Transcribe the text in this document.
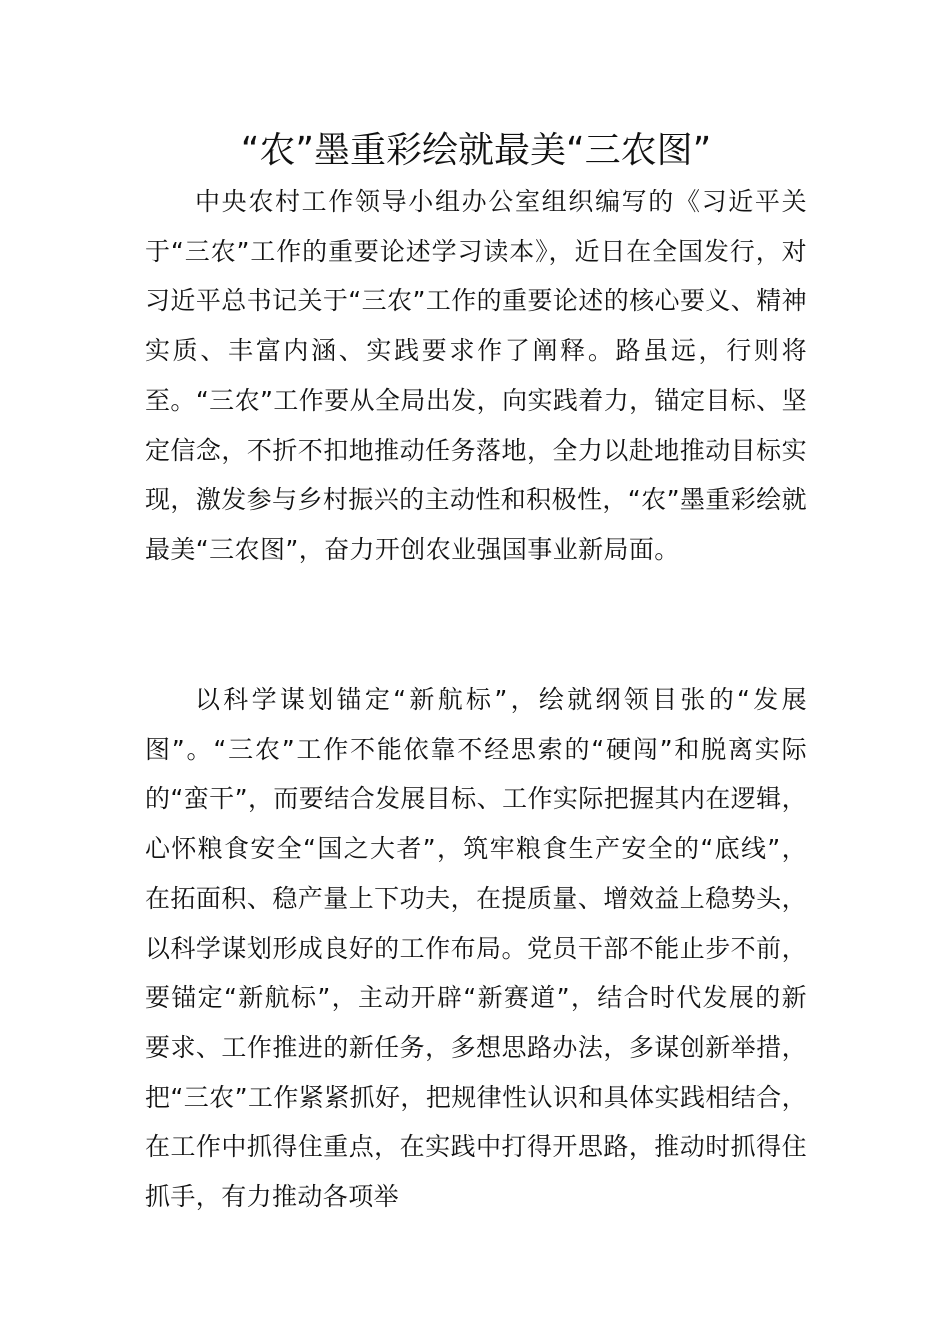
“农”墨重彩绘就最美“三农图”

中央农村工作领导小组办公室组织编写的《习近平关于“三农”工作的重要论述学习读本》，近日在全国发行，对习近平总书记关于“三农”工作的重要论述的核心要义、精神实质、丰富内涵、实践要求作了阐释。路虽远，行则将至。“三农”工作要从全局出发，向实践着力，锚定目标、坚定信念，不折不扣地推动任务落地，全力以赴地推动目标实现，激发参与乡村振兴的主动性和积极性，“农”墨重彩绘就最美“三农图”，奋力开创农业强国事业新局面。

以科学谋划锚定“新航标”，绘就纲领目张的“发展图”。“三农”工作不能依靠不经思索的“硬闯”和脱离实际的“蛮干”，而要结合发展目标、工作实际把握其内在逻辑，心怀粮食安全“国之大者”，筑牢粮食生产安全的“底线”，在拓面积、稳产量上下功夫，在提质量、增效益上稳势头，以科学谋划形成良好的工作布局。党员干部不能止步不前，要锚定“新航标”，主动开辟“新赛道”，结合时代发展的新要求、工作推进的新任务，多想思路办法，多谋创新举措，把“三农”工作紧紧抓好，把规律性认识和具体实践相结合，在工作中抓得住重点，在实践中打得开思路，推动时抓得住抓手，有力推动各项举
